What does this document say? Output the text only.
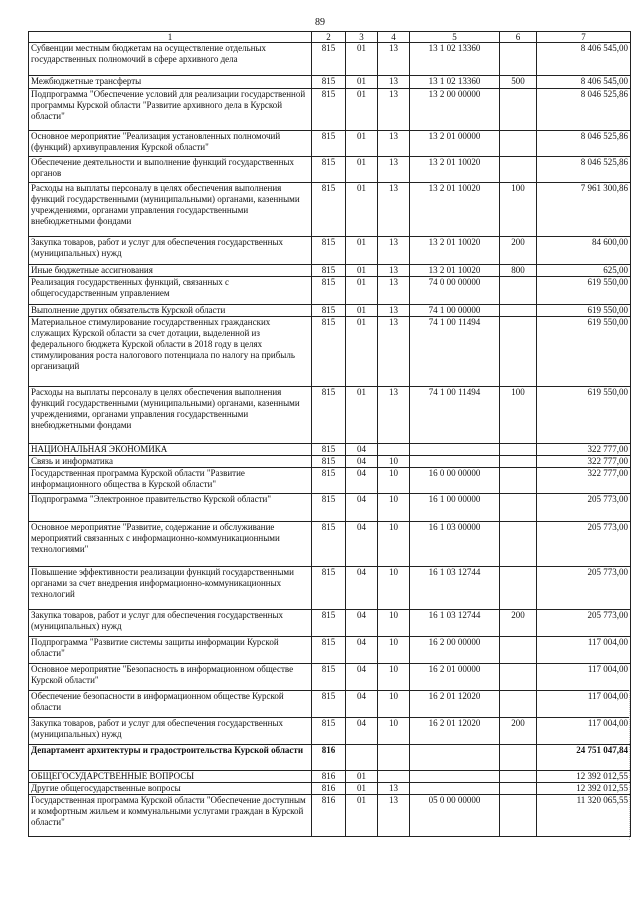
89
1	2	3	4	5	6	7
Субвенции местным бюджетам на осуществление отдельных государственных полномочий в сфере архивного дела	815	01	13	13 1 02 13360		8 406 545,00
Межбюджетные трансферты	815	01	13	13 1 02 13360	500	8 406 545,00
Подпрограмма "Обеспечение условий для реализации государственной программы Курской области "Развитие архивного дела в Курской области"	815	01	13	13 2 00 00000		8 046 525,86
Основное мероприятие "Реализация установленных полномочий (функций) архивуправления Курской области"	815	01	13	13 2 01 00000		8 046 525,86
Обеспечение деятельности и выполнение функций государственных органов	815	01	13	13 2 01 10020		8 046 525,86
Расходы на выплаты персоналу в целях обеспечения выполнения функций государственными (муниципальными) органами, казенными учреждениями, органами управления государственными внебюджетными фондами	815	01	13	13 2 01 10020	100	7 961 300,86
Закупка товаров, работ и услуг для обеспечения государственных (муниципальных) нужд	815	01	13	13 2 01 10020	200	84 600,00
Иные бюджетные ассигнования	815	01	13	13 2 01 10020	800	625,00
Реализация государственных функций, связанных с общегосударственным управлением	815	01	13	74 0 00 00000		619 550,00
Выполнение других обязательств Курской области	815	01	13	74 1 00 00000		619 550,00
Материальное стимулирование государственных гражданских служащих Курской области за счет дотации, выделенной из федерального бюджета Курской области в 2018 году в целях стимулирования роста налогового потенциала по налогу на прибыль организаций	815	01	13	74 1 00 11494		619 550,00
Расходы на выплаты персоналу в целях обеспечения выполнения функций государственными (муниципальными) органами, казенными учреждениями, органами управления государственными внебюджетными фондами	815	01	13	74 1 00 11494	100	619 550,00
НАЦИОНАЛЬНАЯ ЭКОНОМИКА	815	04				322 777,00
Связь и информатика	815	04	10			322 777,00
Государственная программа Курской области "Развитие информационного общества в Курской области"	815	04	10	16 0 00 00000		322 777,00
Подпрограмма "Электронное правительство Курской области"	815	04	10	16 1 00 00000		205 773,00
Основное мероприятие "Развитие, содержание и обслуживание мероприятий связанных с информационно-коммуникационными технологиями"	815	04	10	16 1 03 00000		205 773,00
Повышение эффективности реализации функций государственными органами за счет внедрения информационно-коммуникационных технологий	815	04	10	16 1 03 12744		205 773,00
Закупка товаров, работ и услуг для обеспечения государственных (муниципальных) нужд	815	04	10	16 1 03 12744	200	205 773,00
Подпрограмма "Развитие системы защиты информации Курской области"	815	04	10	16 2 00 00000		117 004,00
Основное мероприятие "Безопасность в информационном обществе Курской области"	815	04	10	16 2 01 00000		117 004,00
Обеспечение безопасности в информационном обществе Курской области	815	04	10	16 2 01 12020		117 004,00
Закупка товаров, работ и услуг для обеспечения государственных (муниципальных) нужд	815	04	10	16 2 01 12020	200	117 004,00
Департамент архитектуры и градостроительства Курской области	816					24 751 047,84
ОБЩЕГОСУДАРСТВЕННЫЕ ВОПРОСЫ	816	01				12 392 012,55
Другие общегосударственные вопросы	816	01	13			12 392 012,55
Государственная программа Курской области "Обеспечение доступным и комфортным жильем и коммунальными услугами граждан в Курской области"	816	01	13	05 0 00 00000		11 320 065,55
